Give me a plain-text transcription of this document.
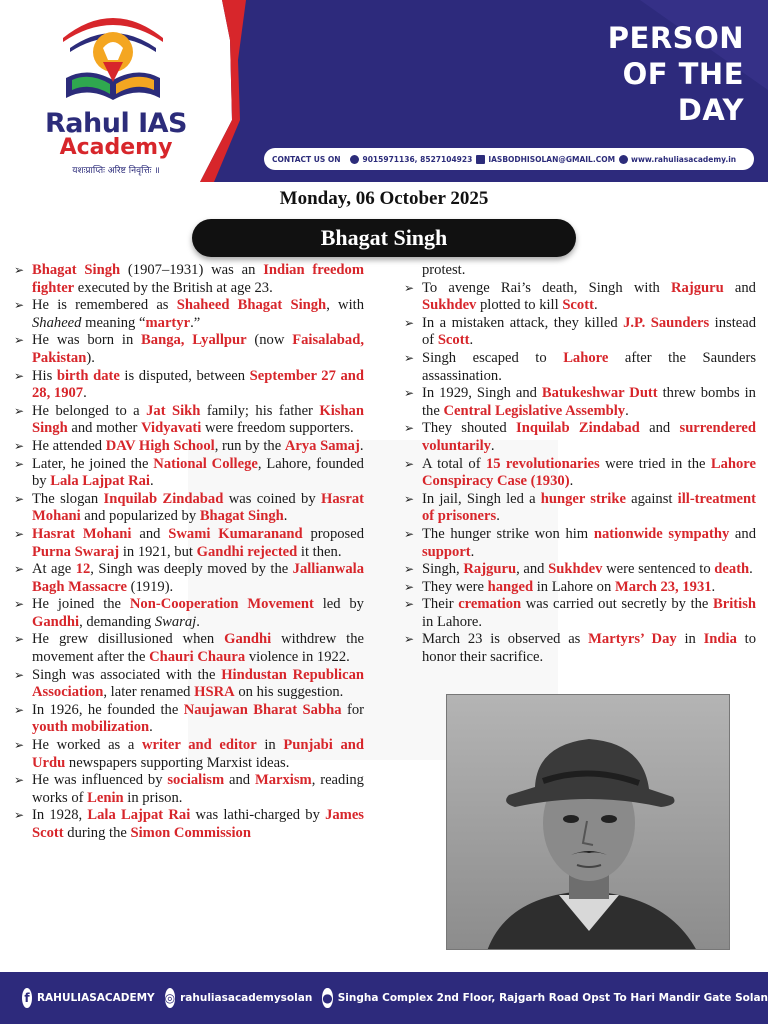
Rahul IAS
Academy
यशःप्राप्तिः अरिष्ट निवृत्तिः ॥
PERSON
OF THE
DAY
CONTACT US ON	9015971136, 8527104923 IASBODHISOLAN@GMAIL.COM www.rahuliasacademy.in
Monday, 06 October 2025
Bhagat Singh
➢ Bhagat Singh (1907–1931) was an Indian freedom fighter executed by the British at age 23.
➢ He is remembered as Shaheed Bhagat Singh, with Shaheed meaning “martyr.”
➢ He was born in Banga, Lyallpur (now Faisalabad, Pakistan).
➢ His birth date is disputed, between September 27 and 28, 1907.
➢ He belonged to a Jat Sikh family; his father Kishan Singh and mother Vidyavati were freedom supporters.
➢ He attended DAV High School, run by the Arya Samaj.
➢ Later, he joined the National College, Lahore, founded by Lala Lajpat Rai.
➢ The slogan Inquilab Zindabad was coined by Hasrat Mohani and popularized by Bhagat Singh.
➢ Hasrat Mohani and Swami Kumaranand proposed Purna Swaraj in 1921, but Gandhi rejected it then.
➢ At age 12, Singh was deeply moved by the Jallianwala Bagh Massacre (1919).
➢ He joined the Non-Cooperation Movement led by Gandhi, demanding Swaraj.
➢ He grew disillusioned when Gandhi withdrew the movement after the Chauri Chaura violence in 1922.
➢ Singh was associated with the Hindustan Republican Association, later renamed HSRA on his suggestion.
➢ In 1926, he founded the Naujawan Bharat Sabha for youth mobilization.
➢ He worked as a writer and editor in Punjabi and Urdu newspapers supporting Marxist ideas.
➢ He was influenced by socialism and Marxism, reading works of Lenin in prison.
➢ In 1928, Lala Lajpat Rai was lathi-charged by James Scott during the Simon Commission
protest.
➢ To avenge Rai’s death, Singh with Rajguru and Sukhdev plotted to kill Scott.
➢ In a mistaken attack, they killed J.P. Saunders instead of Scott.
➢ Singh escaped to Lahore after the Saunders assassination.
➢ In 1929, Singh and Batukeshwar Dutt threw bombs in the Central Legislative Assembly.
➢ They shouted Inquilab Zindabad and surrendered voluntarily.
➢ A total of 15 revolutionaries were tried in the Lahore Conspiracy Case (1930).
➢ In jail, Singh led a hunger strike against ill-treatment of prisoners.
➢ The hunger strike won him nationwide sympathy and support.
➢ Singh, Rajguru, and Sukhdev were sentenced to death.
➢ They were hanged in Lahore on March 23, 1931.
➢ Their cremation was carried out secretly by the British in Lahore.
➢ March 23 is observed as Martyrs’ Day in India to honor their sacrifice.
f RAHULIASACADEMY ◎ rahuliasacademysolan ● Singha Complex 2nd Floor, Rajgarh Road Opst To Hari Mandir Gate Solan
